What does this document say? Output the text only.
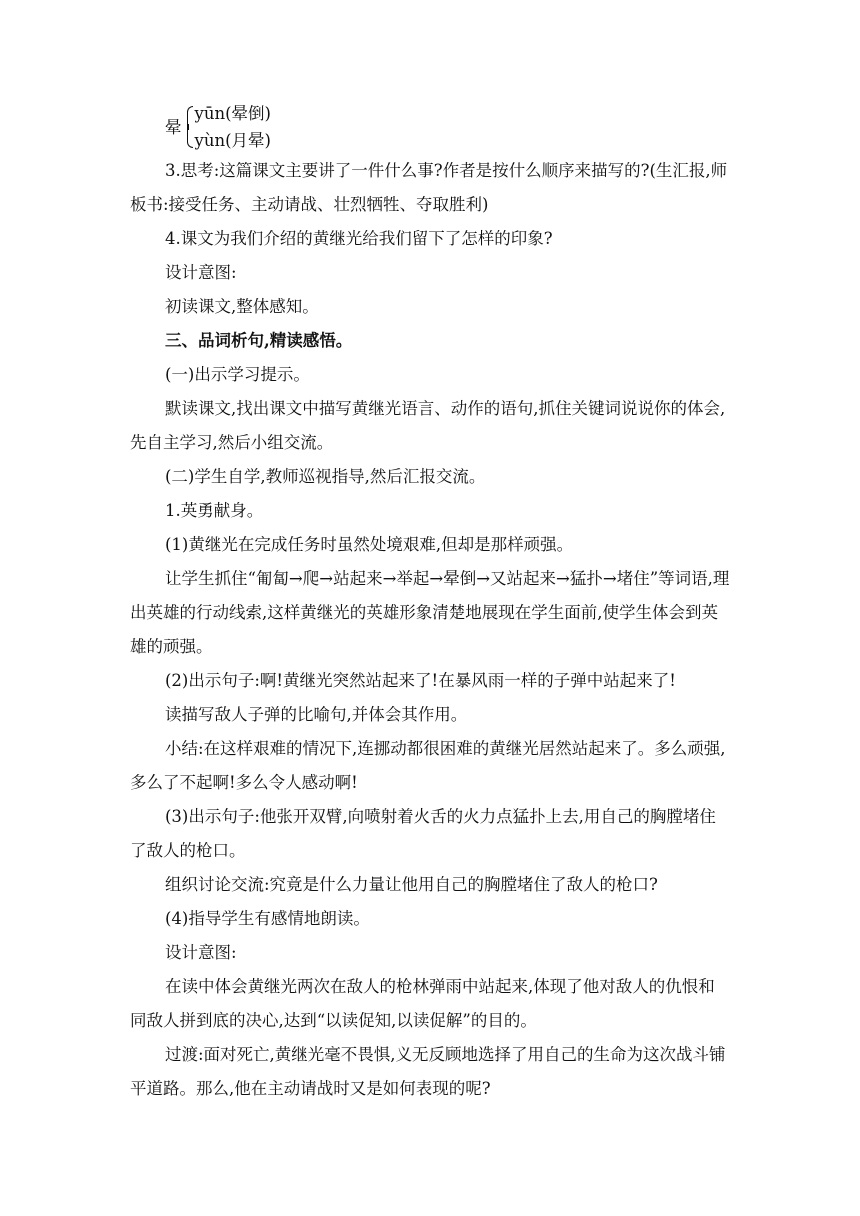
晕
yūn(晕倒)
yùn(月晕)

3.思考:这篇课文主要讲了一件什么事?作者是按什么顺序来描写的?(生汇报,师板书:接受任务、主动请战、壮烈牺牲、夺取胜利)

4.课文为我们介绍的黄继光给我们留下了怎样的印象?

设计意图:

初读课文,整体感知。

三、品词析句,精读感悟。

(一)出示学习提示。

默读课文,找出课文中描写黄继光语言、动作的语句,抓住关键词说说你的体会,先自主学习,然后小组交流。

(二)学生自学,教师巡视指导,然后汇报交流。

1.英勇献身。

(1)黄继光在完成任务时虽然处境艰难,但却是那样顽强。

让学生抓住“匍匐→爬→站起来→举起→晕倒→又站起来→猛扑→堵住”等词语,理出英雄的行动线索,这样黄继光的英雄形象清楚地展现在学生面前,使学生体会到英雄的顽强。

(2)出示句子:啊!黄继光突然站起来了!在暴风雨一样的子弹中站起来了!

读描写敌人子弹的比喻句,并体会其作用。

小结:在这样艰难的情况下,连挪动都很困难的黄继光居然站起来了。多么顽强,多么了不起啊!多么令人感动啊!

(3)出示句子:他张开双臂,向喷射着火舌的火力点猛扑上去,用自己的胸膛堵住了敌人的枪口。

组织讨论交流:究竟是什么力量让他用自己的胸膛堵住了敌人的枪口?

(4)指导学生有感情地朗读。

设计意图:

在读中体会黄继光两次在敌人的枪林弹雨中站起来,体现了他对敌人的仇恨和同敌人拼到底的决心,达到“以读促知,以读促解”的目的。

过渡:面对死亡,黄继光毫不畏惧,义无反顾地选择了用自己的生命为这次战斗铺平道路。那么,他在主动请战时又是如何表现的呢?
